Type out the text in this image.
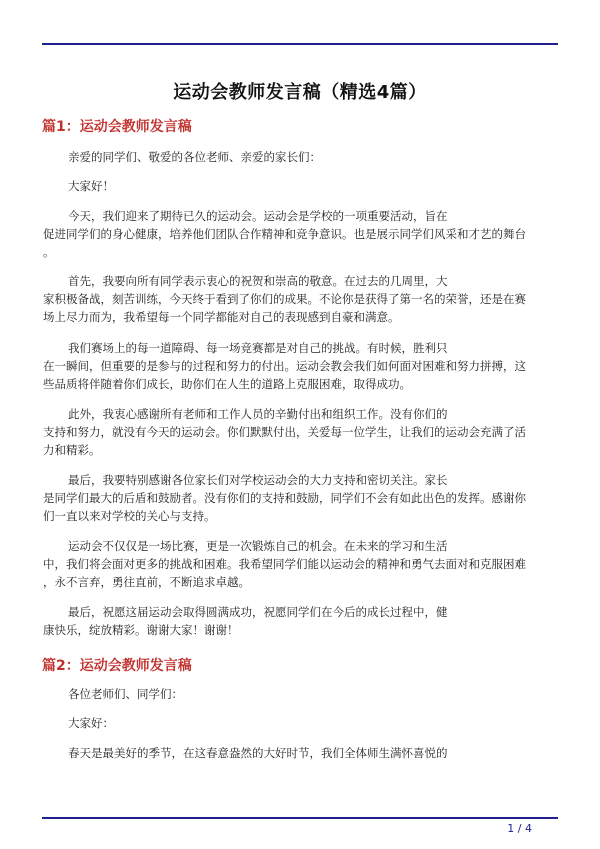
运动会教师发言稿（精选4篇）
篇1：运动会教师发言稿

亲爱的同学们、敬爱的各位老师、亲爱的家长们：

大家好！

今天，我们迎来了期待已久的运动会。运动会是学校的一项重要活动，旨在
促进同学们的身心健康，培养他们团队合作精神和竞争意识。也是展示同学们风采和才艺的舞台
。

首先，我要向所有同学表示衷心的祝贺和崇高的敬意。在过去的几周里，大
家积极备战，刻苦训练，今天终于看到了你们的成果。不论你是获得了第一名的荣誉，还是在赛
场上尽力而为，我希望每一个同学都能对自己的表现感到自豪和满意。

我们赛场上的每一道障碍、每一场竞赛都是对自己的挑战。有时候，胜利只
在一瞬间，但重要的是参与的过程和努力的付出。运动会教会我们如何面对困难和努力拼搏，这
些品质将伴随着你们成长，助你们在人生的道路上克服困难，取得成功。

此外，我衷心感谢所有老师和工作人员的辛勤付出和组织工作。没有你们的
支持和努力，就没有今天的运动会。你们默默付出，关爱每一位学生，让我们的运动会充满了活
力和精彩。

最后，我要特别感谢各位家长们对学校运动会的大力支持和密切关注。家长
是同学们最大的后盾和鼓励者。没有你们的支持和鼓励，同学们不会有如此出色的发挥。感谢你
们一直以来对学校的关心与支持。

运动会不仅仅是一场比赛，更是一次锻炼自己的机会。在未来的学习和生活
中，我们将会面对更多的挑战和困难。我希望同学们能以运动会的精神和勇气去面对和克服困难
，永不言弃，勇往直前，不断追求卓越。

最后，祝愿这届运动会取得圆满成功，祝愿同学们在今后的成长过程中，健
康快乐，绽放精彩。谢谢大家！谢谢！

篇2：运动会教师发言稿

各位老师们、同学们：

大家好：

春天是最美好的季节，在这春意盎然的大好时节，我们全体师生满怀喜悦的

1 / 4
